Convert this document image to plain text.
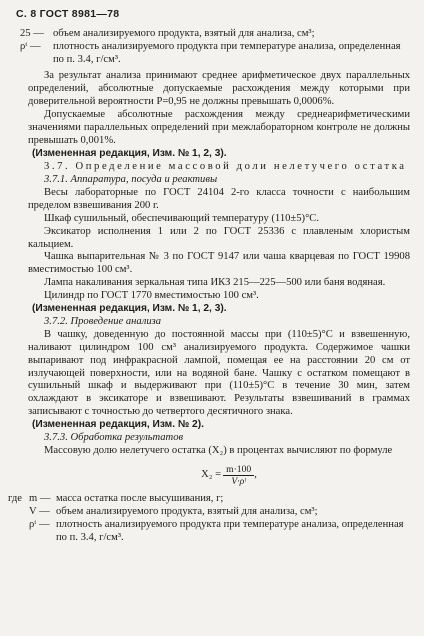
С. 8 ГОСТ 8981—78
25 — объем анализируемого продукта, взятый для анализа, см³;
ρᵗ —	плотность анализируемого продукта при температуре анализа, определенная по п. 3.4, г/см³.

За результат анализа принимают среднее арифметическое двух параллельных определений, абсолютные допускаемые расхождения между которыми при доверительной вероятности P=0,95 не должны превышать 0,0006%.

Допускаемые абсолютные расхождения между среднеарифметическими значениями параллельных определений при межлабораторном контроле не должны превышать 0,001%.

(Измененная редакция, Изм. № 1, 2, 3).

3.7. Определение массовой доли нелетучего остатка

3.7.1. Аппаратура, посуда и реактивы

Весы лабораторные по ГОСТ 24104 2-го класса точности с наибольшим пределом взвешивания 200 г.

Шкаф сушильный, обеспечивающий температуру (110±5)°С.

Эксикатор исполнения 1 или 2 по ГОСТ 25336 с плавленым хлористым кальцием.

Чашка выпарительная № 3 по ГОСТ 9147 или чаша кварцевая по ГОСТ 19908 вместимостью 100 см³.

Лампа накаливания зеркальная типа ИКЗ 215—225—500 или баня водяная.

Цилиндр по ГОСТ 1770 вместимостью 100 см³.

(Измененная редакция, Изм. № 1, 2, 3).

3.7.2. Проведение анализа

В чашку, доведенную до постоянной массы при (110±5)°С и взвешенную, наливают цилиндром 100 см³ анализируемого продукта. Содержимое чашки выпаривают под инфракрасной лампой, помещая ее на расстоянии 20 см от излучающей поверхности, или на водяной бане. Чашку с остатком помещают в сушильный шкаф и выдерживают при (110±5)°С в течение 30 мин, затем охлаждают в эксикаторе и взвешивают. Результаты взвешиваний в граммах записывают с точностью до четвертого десятичного знака.

(Измененная редакция, Изм. № 2).

3.7.3. Обработка результатов

Массовую долю нелетучего остатка (X₂) в процентах вычисляют по формуле

$X_2 = \frac{m\cdot 100}{\text{V·ρᵗ}}$ ,
где m — масса остатка после высушивания, г;
V — объем анализируемого продукта, взятый для анализа, см³;
ρᵗ — плотность анализируемого продукта при температуре анализа, определенная по п. 3.4, г/см³.
